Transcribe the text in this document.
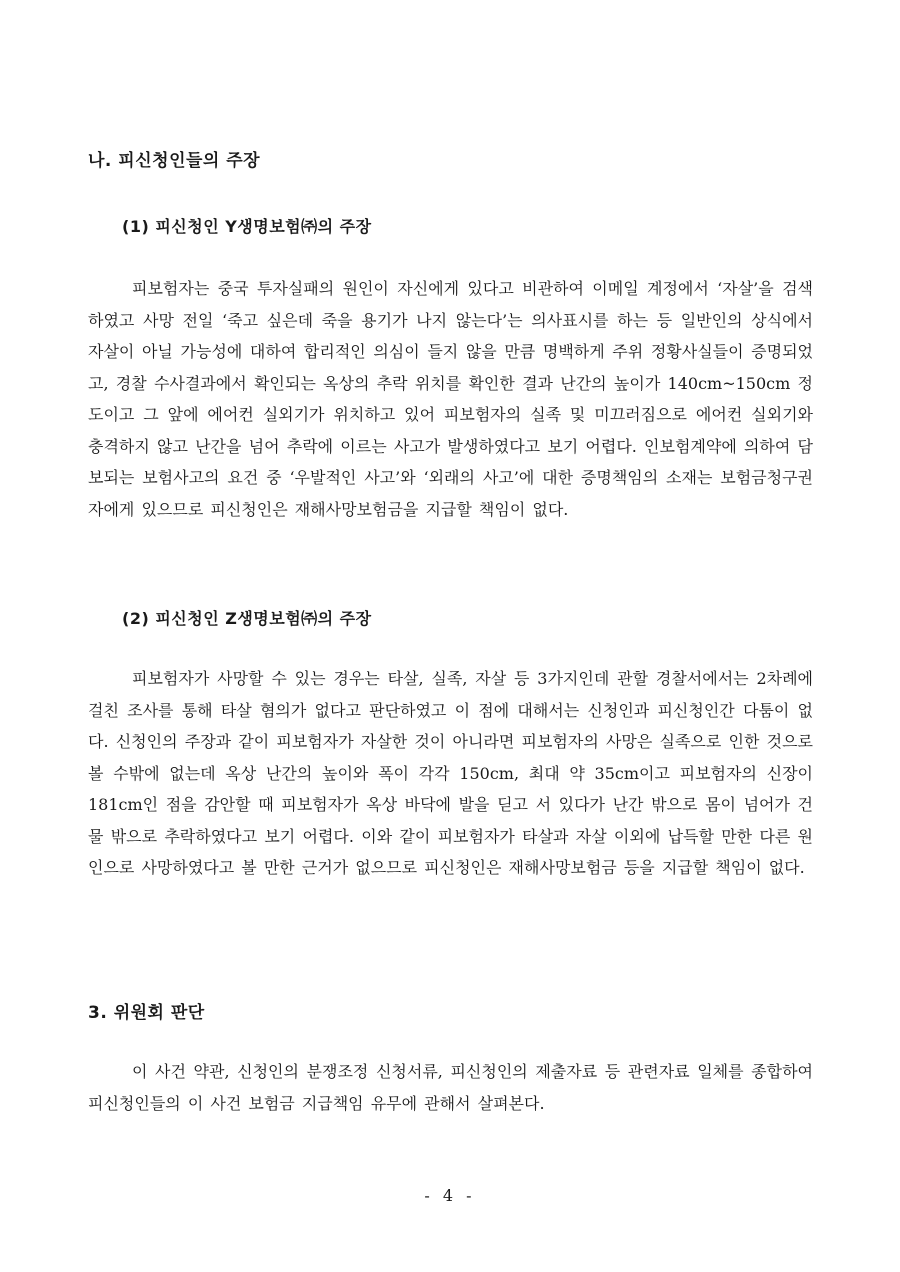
나. 피신청인들의 주장
(1) 피신청인 Y생명보험㈜의 주장

피보험자는 중국 투자실패의 원인이 자신에게 있다고 비관하여 이메일 계정에서 ‘자살’을 검색하였고 사망 전일 ‘죽고 싶은데 죽을 용기가 나지 않는다’는 의사표시를 하는 등 일반인의 상식에서 자살이 아닐 가능성에 대하여 합리적인 의심이 들지 않을 만큼 명백하게 주위 정황사실들이 증명되었고, 경찰 수사결과에서 확인되는 옥상의 추락 위치를 확인한 결과 난간의 높이가 140cm~150cm 정도이고 그 앞에 에어컨 실외기가 위치하고 있어 피보험자의 실족 및 미끄러짐으로 에어컨 실외기와 충격하지 않고 난간을 넘어 추락에 이르는 사고가 발생하였다고 보기 어렵다. 인보험계약에 의하여 담보되는 보험사고의 요건 중 ‘우발적인 사고’와 ‘외래의 사고’에 대한 증명책임의 소재는 보험금청구권자에게 있으므로 피신청인은 재해사망보험금을 지급할 책임이 없다.

(2) 피신청인 Z생명보험㈜의 주장

피보험자가 사망할 수 있는 경우는 타살, 실족, 자살 등 3가지인데 관할 경찰서에서는 2차례에 걸친 조사를 통해 타살 혐의가 없다고 판단하였고 이 점에 대해서는 신청인과 피신청인간 다툼이 없다. 신청인의 주장과 같이 피보험자가 자살한 것이 아니라면 피보험자의 사망은 실족으로 인한 것으로 볼 수밖에 없는데 옥상 난간의 높이와 폭이 각각 150cm, 최대 약 35cm이고 피보험자의 신장이 181cm인 점을 감안할 때 피보험자가 옥상 바닥에 발을 딛고 서 있다가 난간 밖으로 몸이 넘어가 건물 밖으로 추락하였다고 보기 어렵다. 이와 같이 피보험자가 타살과 자살 이외에 납득할 만한 다른 원인으로 사망하였다고 볼 만한 근거가 없으므로 피신청인은 재해사망보험금 등을 지급할 책임이 없다.

3. 위원회 판단

이 사건 약관, 신청인의 분쟁조정 신청서류, 피신청인의 제출자료 등 관련자료 일체를 종합하여 피신청인들의 이 사건 보험금 지급책임 유무에 관해서 살펴본다.

- 4 -
